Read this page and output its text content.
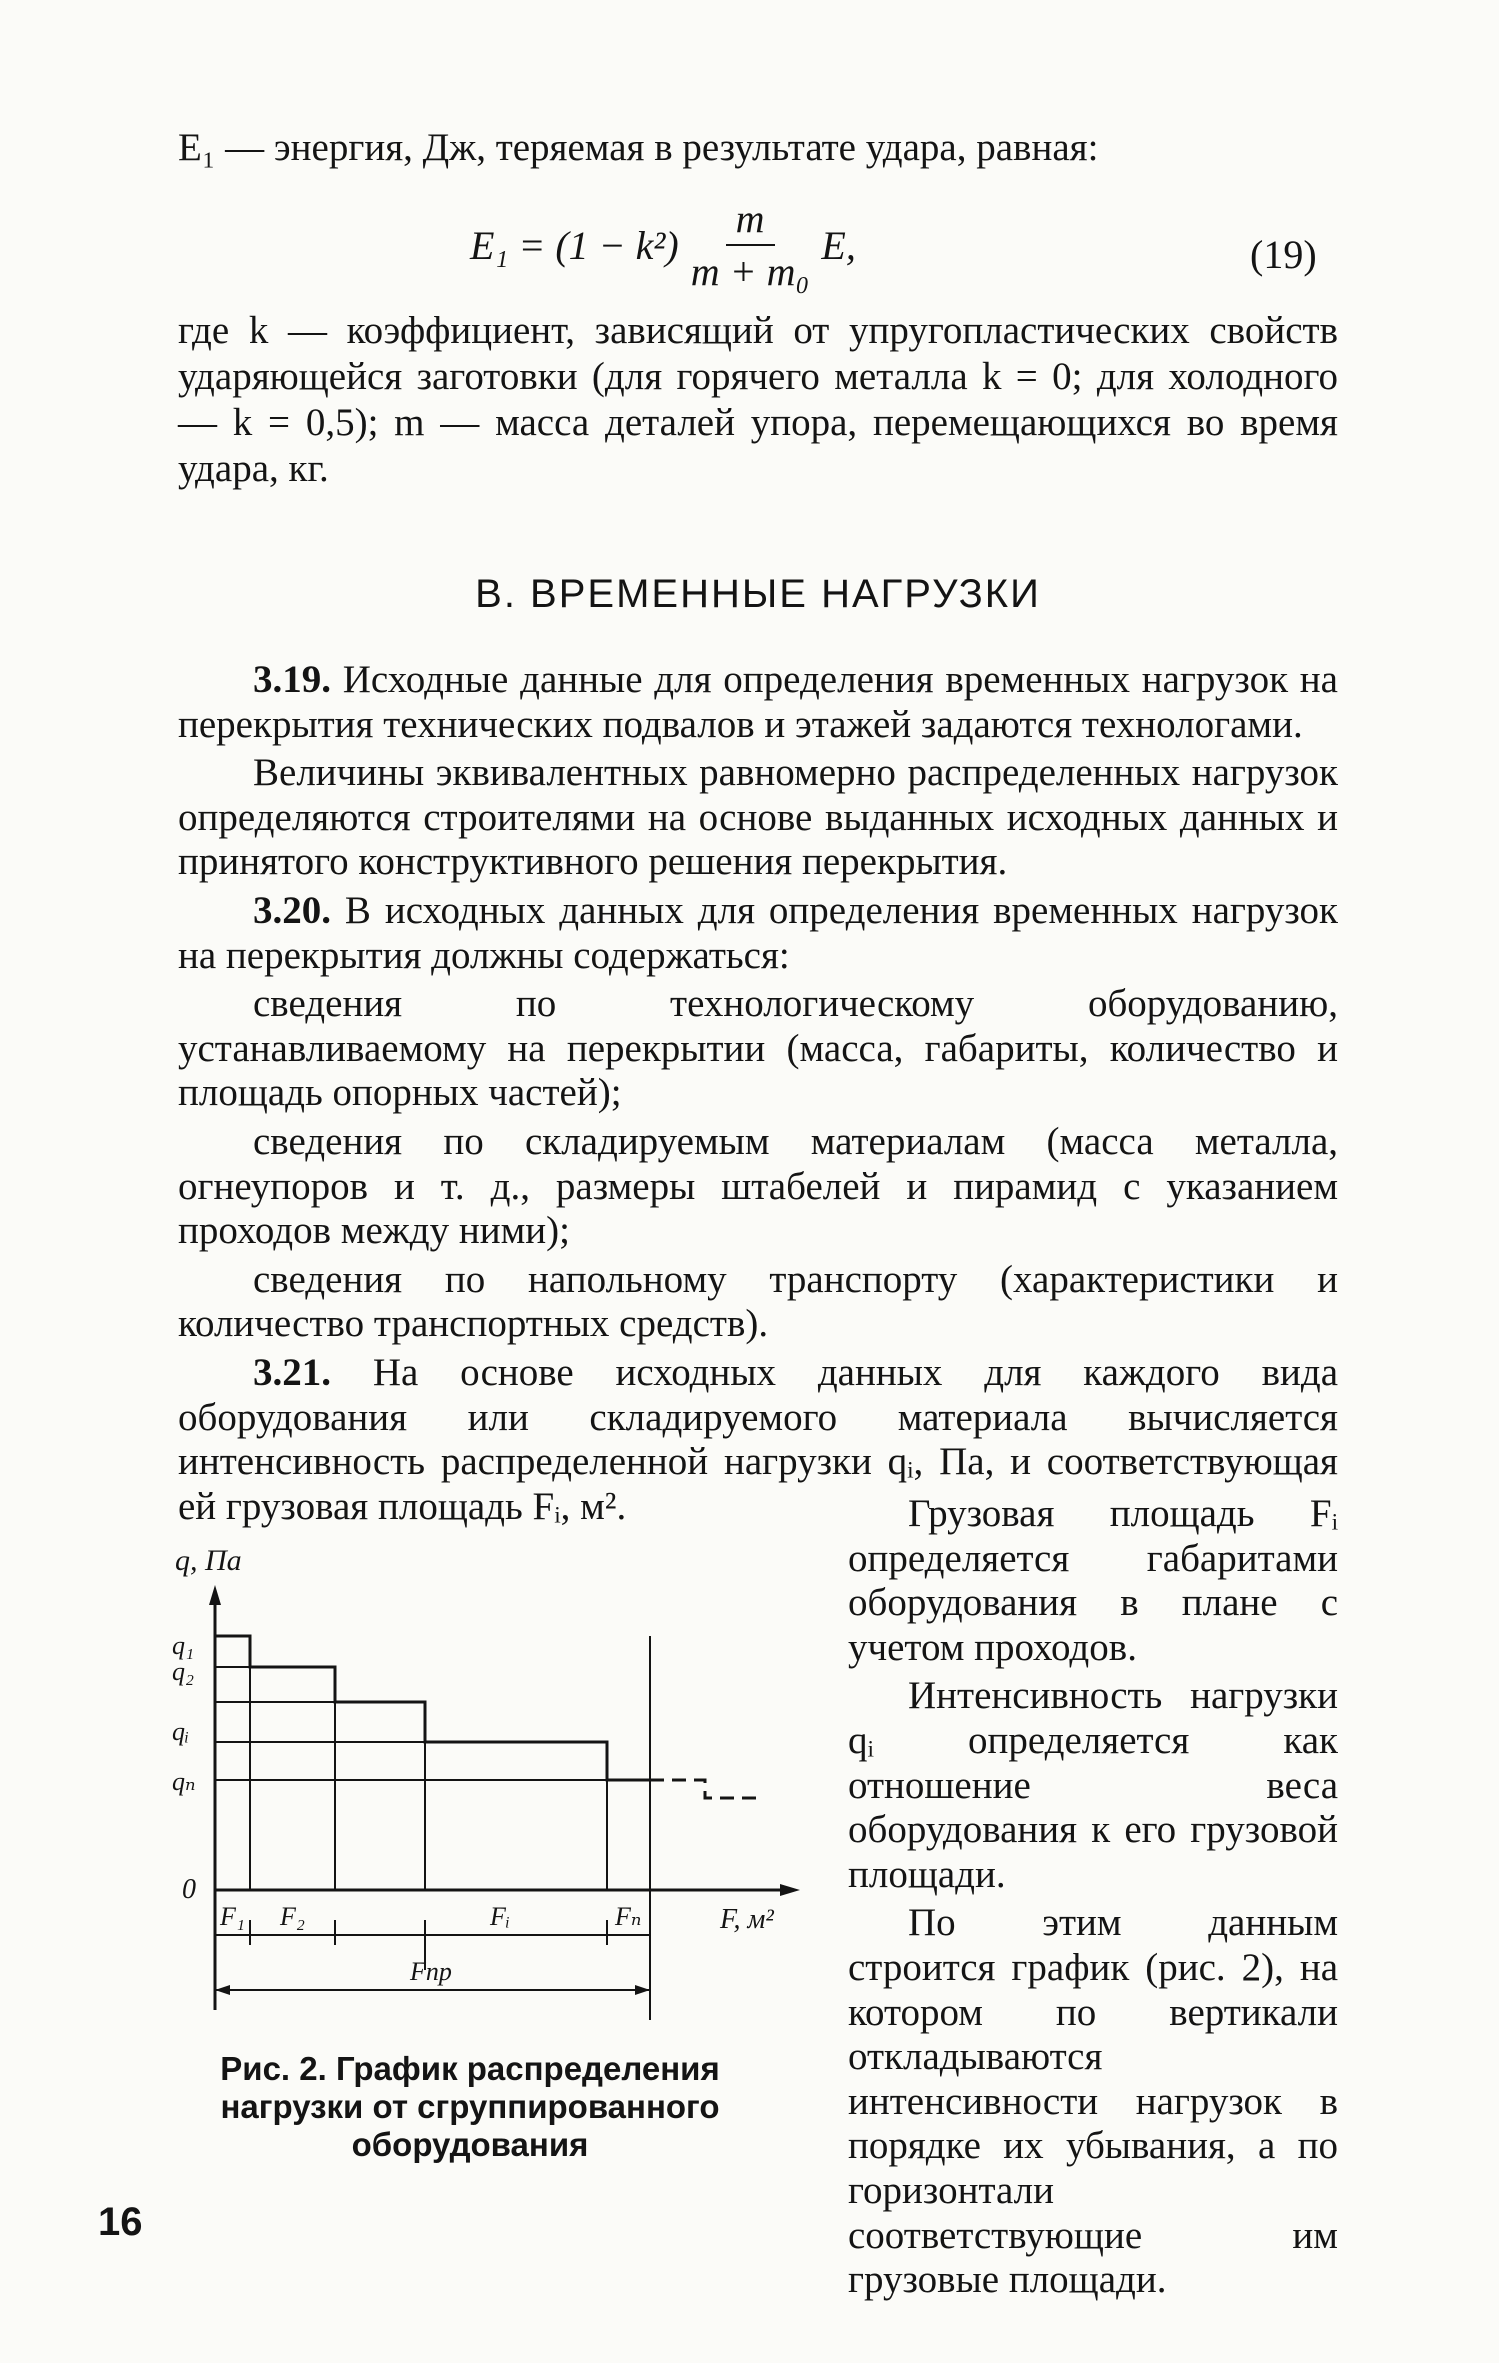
E₁ — энергия, Дж, теряемая в результате удара, равная:
$E_1 = (1 - k^2) \frac{m}{\text{m + m₀}} E$,	(19)
где k — коэффициент, зависящий от упругопластических свойств ударяющейся заготовки (для горячего металла k = 0; для холодного — k = 0,5); m — масса деталей упора, перемещающихся во время удара, кг.
В. ВРЕМЕННЫЕ НАГРУЗКИ

3.19. Исходные данные для определения временных нагрузок на перекрытия технических подвалов и этажей задаются технологами.

Величины эквивалентных равномерно распределенных нагрузок определяются строителями на основе выданных исходных данных и принятого конструктивного решения перекрытия.

3.20. В исходных данных для определения временных нагрузок на перекрытия должны содержаться:

сведения по технологическому оборудованию, устанавливаемому на перекрытии (масса, габариты, количество и площадь опорных частей);

сведения по складируемым материалам (масса металла, огнеупоров и т. д., размеры штабелей и пирамид с указанием проходов между ними);

сведения по напольному транспорту (характеристики и количество транспортных средств).

3.21. На основе исходных данных для каждого вида оборудования или складируемого материала вычисляется интенсивность распределенной нагрузки qᵢ, Па, и соответствующая ей грузовая площадь Fᵢ, м².	Грузовая площадь Fᵢ определяется габаритами оборудования в плане с учетом проходов.

Интенсивность нагрузки qᵢ определяется как отношение веса оборудования к его грузовой площади.

По этим данным строится график (рис. 2), на котором по вертикали откладываются интенсивности нагрузок в порядке их убывания, а по горизонтали соответствующие им грузовые площади.

q, Па
F, м²
0
q₁
q₂
qᵢ
qₙ
F₁ F₂	Fᵢ	Fₙ
Fпр
Рис. 2. График распределения нагрузки от сгруппированного оборудования
16
